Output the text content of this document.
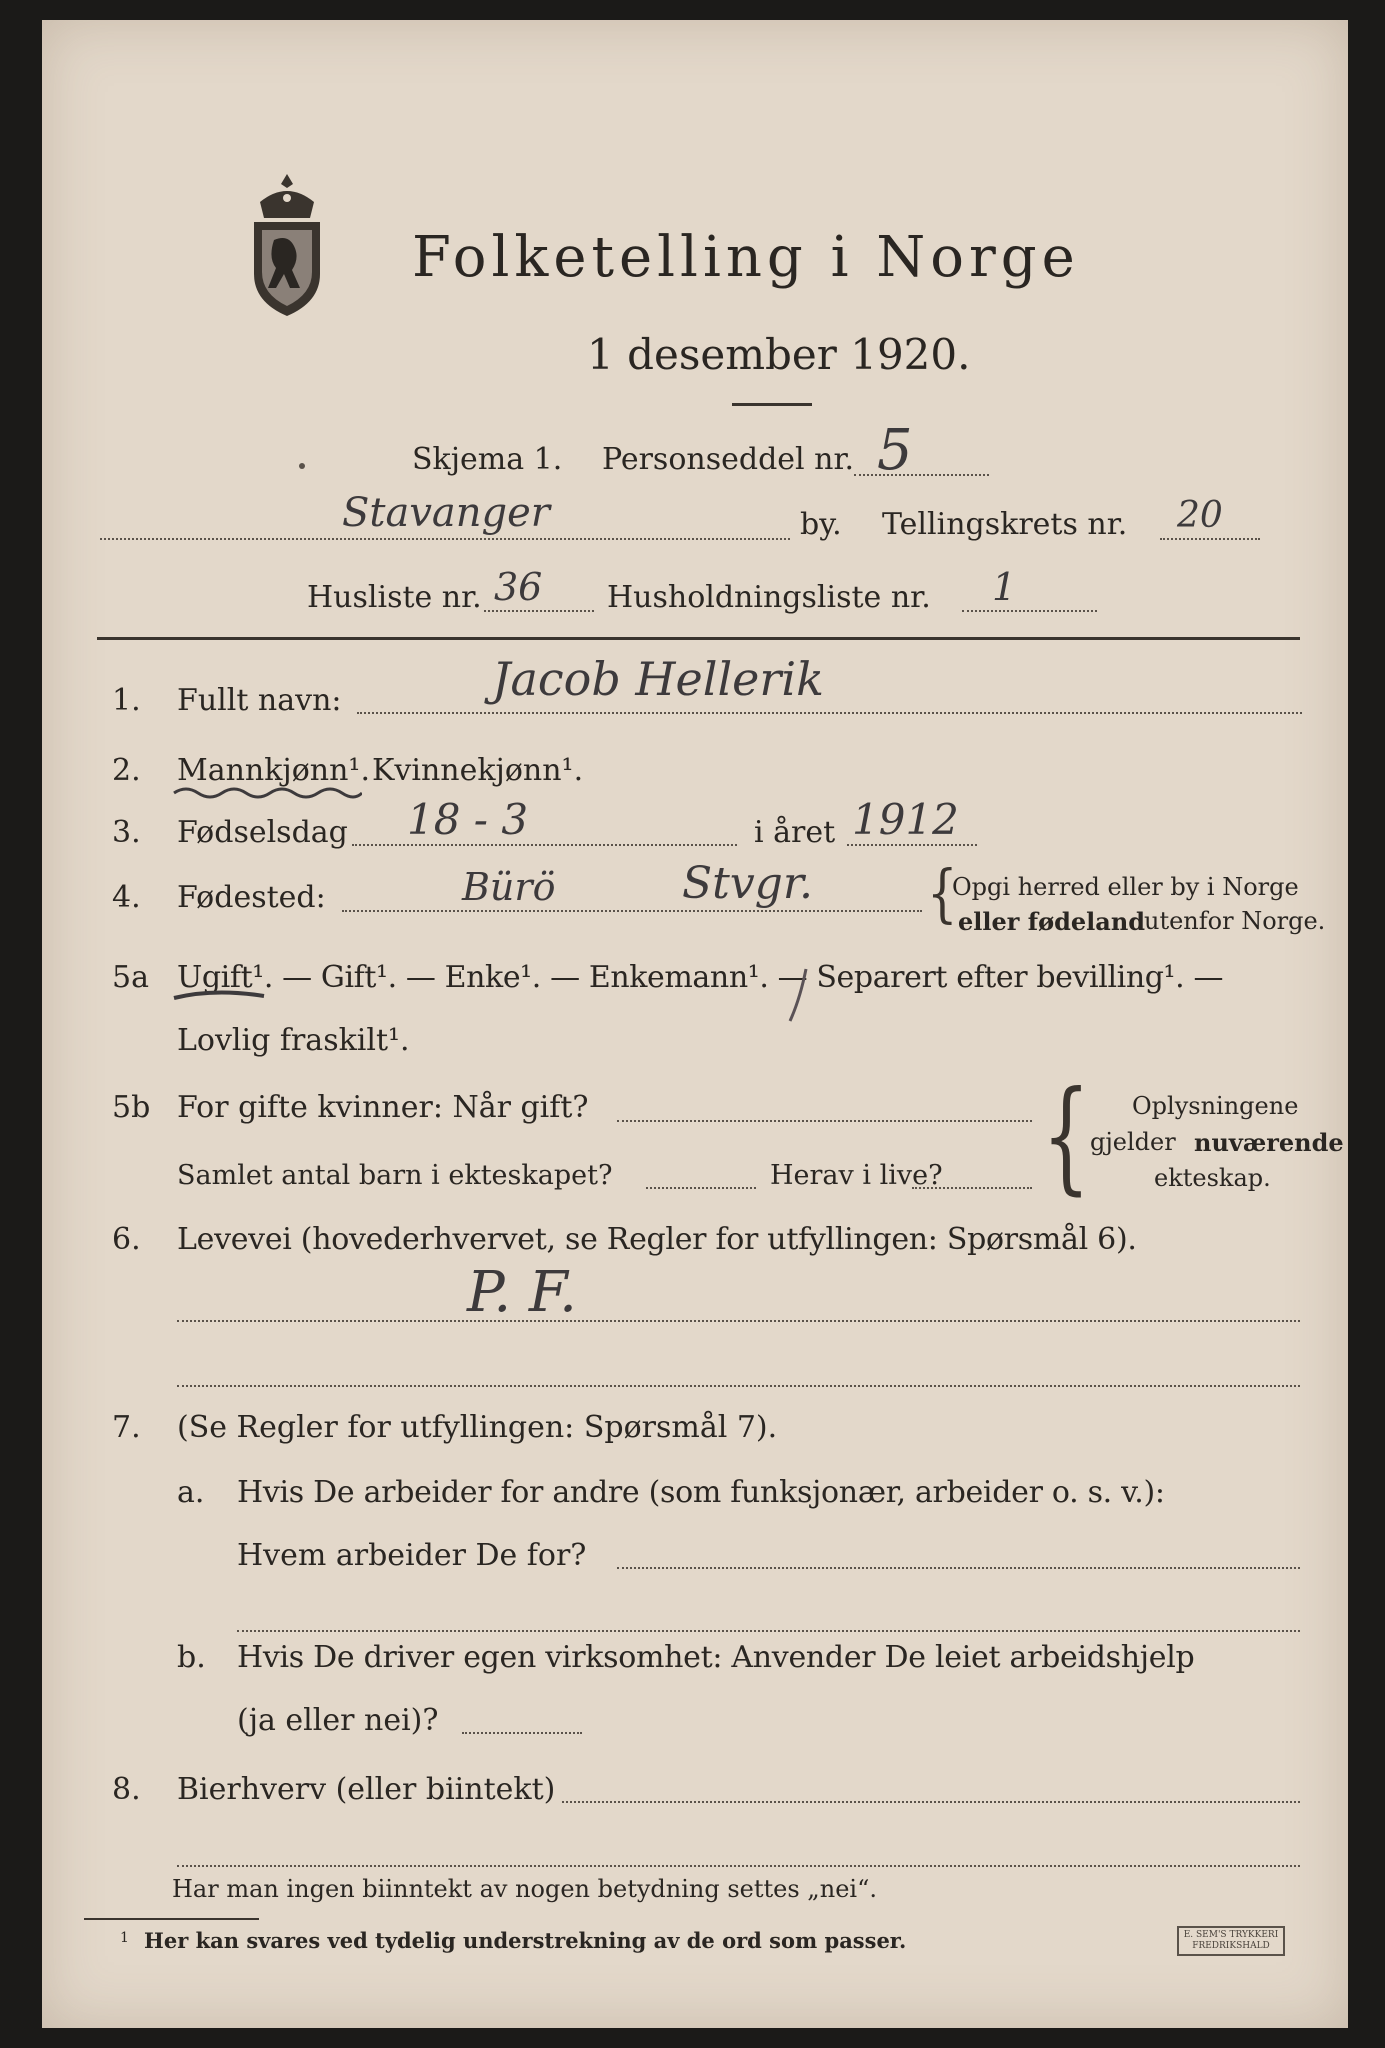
Folketelling i Norge
1 desember 1920.
Skjema 1. Personseddel nr. 5
Stavanger	by. Tellingskrets nr. 20
Husliste nr. 36 Husholdningsliste nr. 1
1. Fullt navn:	Jacob Hellerik
2. Mannkjønn¹. Kvinnekjønn¹.
3. Fødselsdag 18 - 3	i året 1912
4. Fødested:	Bürö	Stvgr. {
Opgi herred eller by i Norge
eller fødeland
utenfor Norge.
5a Ugift¹. — Gift¹. — Enke¹. — Enkemann¹. — Separert efter bevilling¹. —
Lovlig fraskilt¹.
5b For gifte kvinner: Når gift?
Samlet antal barn i ekteskapet?	Herav i live? { Oplysningene
gjelder nuværende
ekteskap.
6. Levevei (hovederhvervet, se Regler for utfyllingen: Spørsmål 6).
P. F.
7. (Se Regler for utfyllingen: Spørsmål 7).
a. Hvis De arbeider for andre (som funksjonær, arbeider o. s. v.):
Hvem arbeider De for?
b. Hvis De driver egen virksomhet: Anvender De leiet arbeidshjelp
(ja eller nei)?
8. Bierhverv (eller biintekt)
Har man ingen biinntekt av nogen betydning settes „nei“.
1 Her kan svares ved tydelig understrekning av de ord som passer.	E. SEM'S TRYKKERI
FREDRIKSHALD
